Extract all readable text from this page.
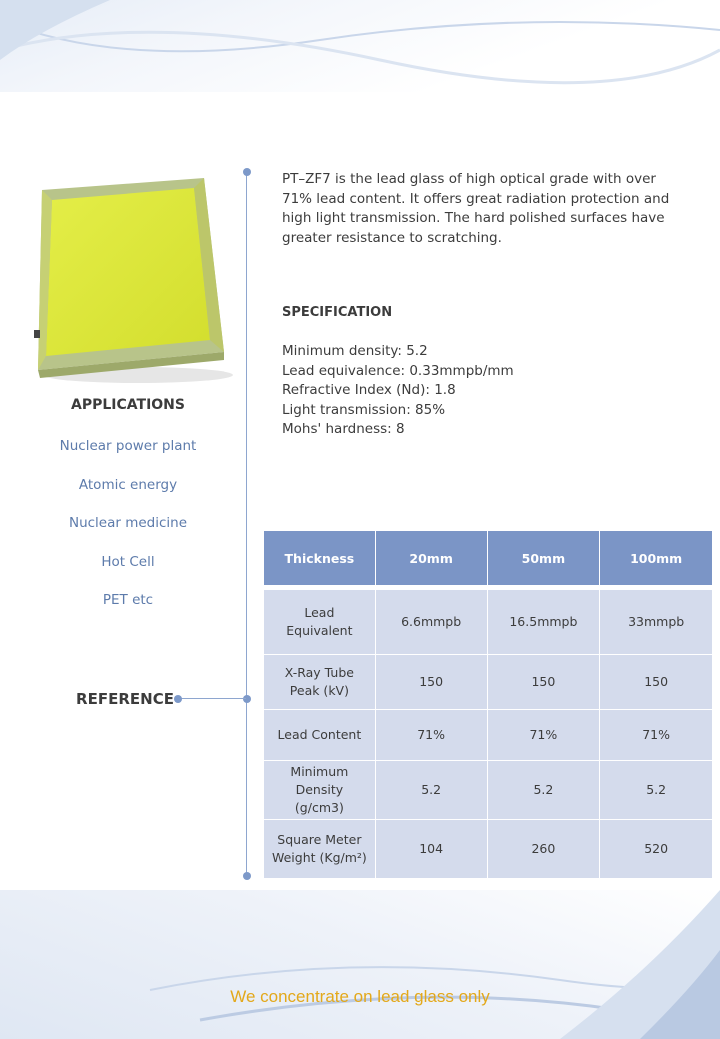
APPLICATIONS
Nuclear power plant
Atomic energy
Nuclear medicine
Hot Cell
PET etc
REFERENCE

PT–ZF7 is the lead glass of high optical grade with over 71% lead content. It offers great radiation protection and high light transmission. The hard polished surfaces have greater resistance to scratching.

SPECIFICATION
Minimum density: 5.2
Lead equivalence: 0.33mmpb/mm
Refractive Index (Nd): 1.8
Light transmission: 85%
Mohs' hardness: 8
Thickness	20mm	50mm	100mm

Lead Equivalent	6.6mmpb	16.5mmpb	33mmpb
X-Ray Tube Peak (kV)	150	150	150
Lead Content	71%	71%	71%
Minimum Density (g/cm3)	5.2	5.2	5.2
Square Meter Weight (Kg/m²)	104	260	520
We concentrate on lead glass only
